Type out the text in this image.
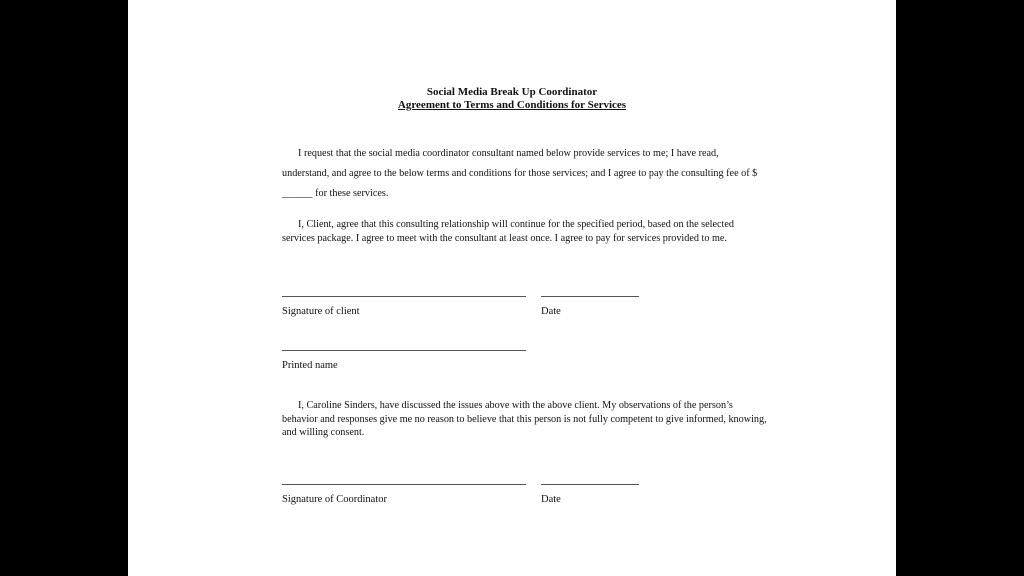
Social Media Break Up Coordinator
Agreement to Terms and Conditions for Services

I request that the social media coordinator consultant named below provide services to me; I have read, understand, and agree to the below terms and conditions for those services; and I agree to pay the consulting fee of $ ______ for these services.

I, Client, agree that this consulting relationship will continue for the specified period, based on the selected services package. I agree to meet with the consultant at least once. I agree to pay for services provided to me.

Signature of client	Date
Printed name

I, Caroline Sinders, have discussed the issues above with the above client. My observations of the person’s behavior and responses give me no reason to believe that this person is not fully competent to give informed, knowing, and willing consent.

Signature of Coordinator	Date
